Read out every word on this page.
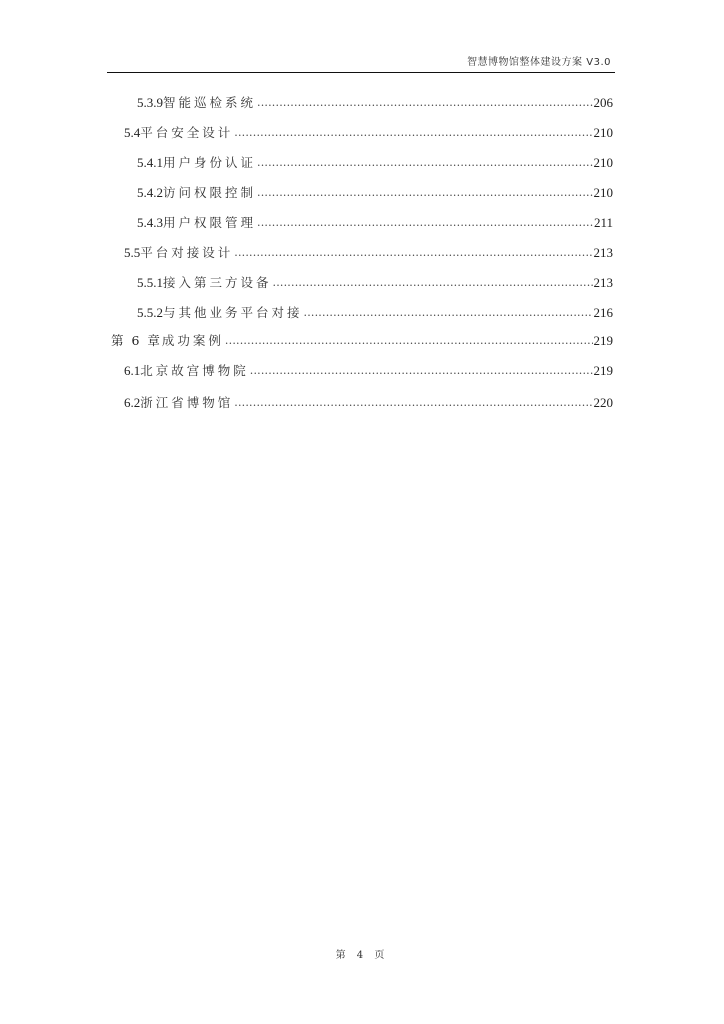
智慧博物馆整体建设方案 V3.0
5.3.9 智能巡检系统 .....	206
5.4 平台安全设计 .....	210
5.4.1 用户身份认证 .....	210
5.4.2 访问权限控制 .....	210
5.4.3 用户权限管理 .....	211
5.5 平台对接设计 .....	213
5.5.1 接入第三方设备 .....	213
5.5.2 与其他业务平台对接 .....	216
第 6 章 成功案例 .....	219
6.1 北京故宫博物院 .....	219
6.2 浙江省博物馆 .....	220
第 4 页
